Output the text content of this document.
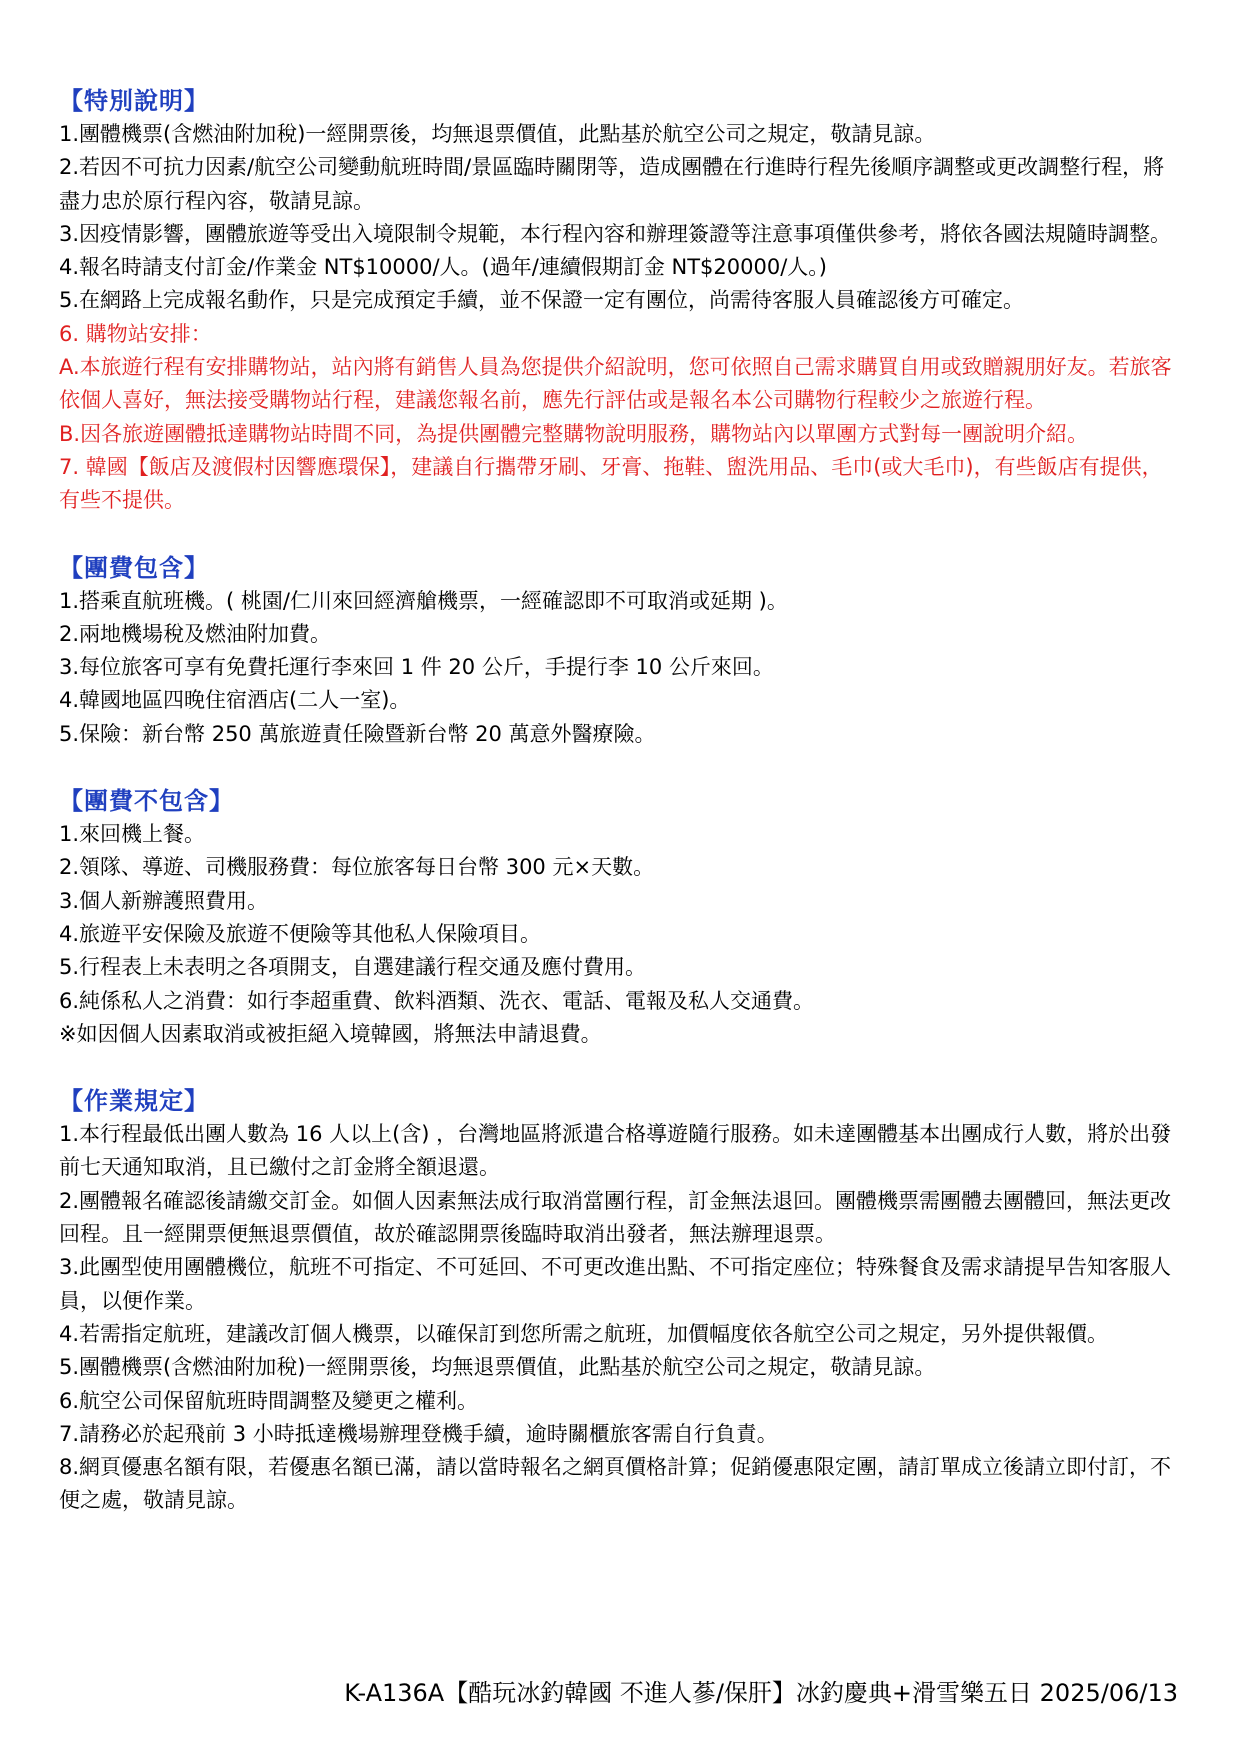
【特別說明】
1.團體機票(含燃油附加稅)一經開票後，均無退票價值，此點基於航空公司之規定，敬請見諒。
2.若因不可抗力因素/航空公司變動航班時間/景區臨時關閉等，造成團體在行進時行程先後順序調整或更改調整行程，將盡力忠於原行程內容，敬請見諒。
3.因疫情影響，團體旅遊等受出入境限制令規範，本行程內容和辦理簽證等注意事項僅供參考，將依各國法規隨時調整。
4.報名時請支付訂金/作業金 NT$10000/人。(過年/連續假期訂金 NT$20000/人。)
5.在網路上完成報名動作，只是完成預定手續，並不保證一定有團位，尚需待客服人員確認後方可確定。
6. 購物站安排：
A.本旅遊行程有安排購物站，站內將有銷售人員為您提供介紹說明，您可依照自己需求購買自用或致贈親朋好友。若旅客依個人喜好，無法接受購物站行程，建議您報名前，應先行評估或是報名本公司購物行程較少之旅遊行程。
B.因各旅遊團體抵達購物站時間不同，為提供團體完整購物說明服務，購物站內以單團方式對每一團說明介紹。
7. 韓國【飯店及渡假村因響應環保】，建議自行攜帶牙刷、牙膏、拖鞋、盥洗用品、毛巾(或大毛巾)，有些飯店有提供，有些不提供。
【團費包含】
1.搭乘直航班機。( 桃園/仁川來回經濟艙機票，一經確認即不可取消或延期 )。
2.兩地機場稅及燃油附加費。
3.每位旅客可享有免費托運行李來回 1 件 20 公斤，手提行李 10 公斤來回。
4.韓國地區四晚住宿酒店(二人一室)。
5.保險：新台幣 250 萬旅遊責任險暨新台幣 20 萬意外醫療險。
【團費不包含】
1.來回機上餐。
2.領隊、導遊、司機服務費：每位旅客每日台幣 300 元×天數。
3.個人新辦護照費用。
4.旅遊平安保險及旅遊不便險等其他私人保險項目。
5.行程表上未表明之各項開支，自選建議行程交通及應付費用。
6.純係私人之消費：如行李超重費、飲料酒類、洗衣、電話、電報及私人交通費。
※如因個人因素取消或被拒絕入境韓國，將無法申請退費。
【作業規定】
1.本行程最低出團人數為 16 人以上(含) ，台灣地區將派遣合格導遊隨行服務。如未達團體基本出團成行人數，將於出發前七天通知取消，且已繳付之訂金將全額退還。
2.團體報名確認後請繳交訂金。如個人因素無法成行取消當團行程，訂金無法退回。團體機票需團體去團體回，無法更改回程。且一經開票便無退票價值，故於確認開票後臨時取消出發者，無法辦理退票。
3.此團型使用團體機位，航班不可指定、不可延回、不可更改進出點、不可指定座位；特殊餐食及需求請提早告知客服人員，以便作業。
4.若需指定航班，建議改訂個人機票，以確保訂到您所需之航班，加價幅度依各航空公司之規定，另外提供報價。
5.團體機票(含燃油附加稅)一經開票後，均無退票價值，此點基於航空公司之規定，敬請見諒。
6.航空公司保留航班時間調整及變更之權利。
7.請務必於起飛前 3 小時抵達機場辦理登機手續，逾時關櫃旅客需自行負責。
8.網頁優惠名額有限，若優惠名額已滿，請以當時報名之網頁價格計算；促銷優惠限定團，請訂單成立後請立即付訂，不便之處，敬請見諒。
K-A136A【酷玩冰釣韓國 不進人蔘/保肝】冰釣慶典+滑雪樂五日 2025/06/13
